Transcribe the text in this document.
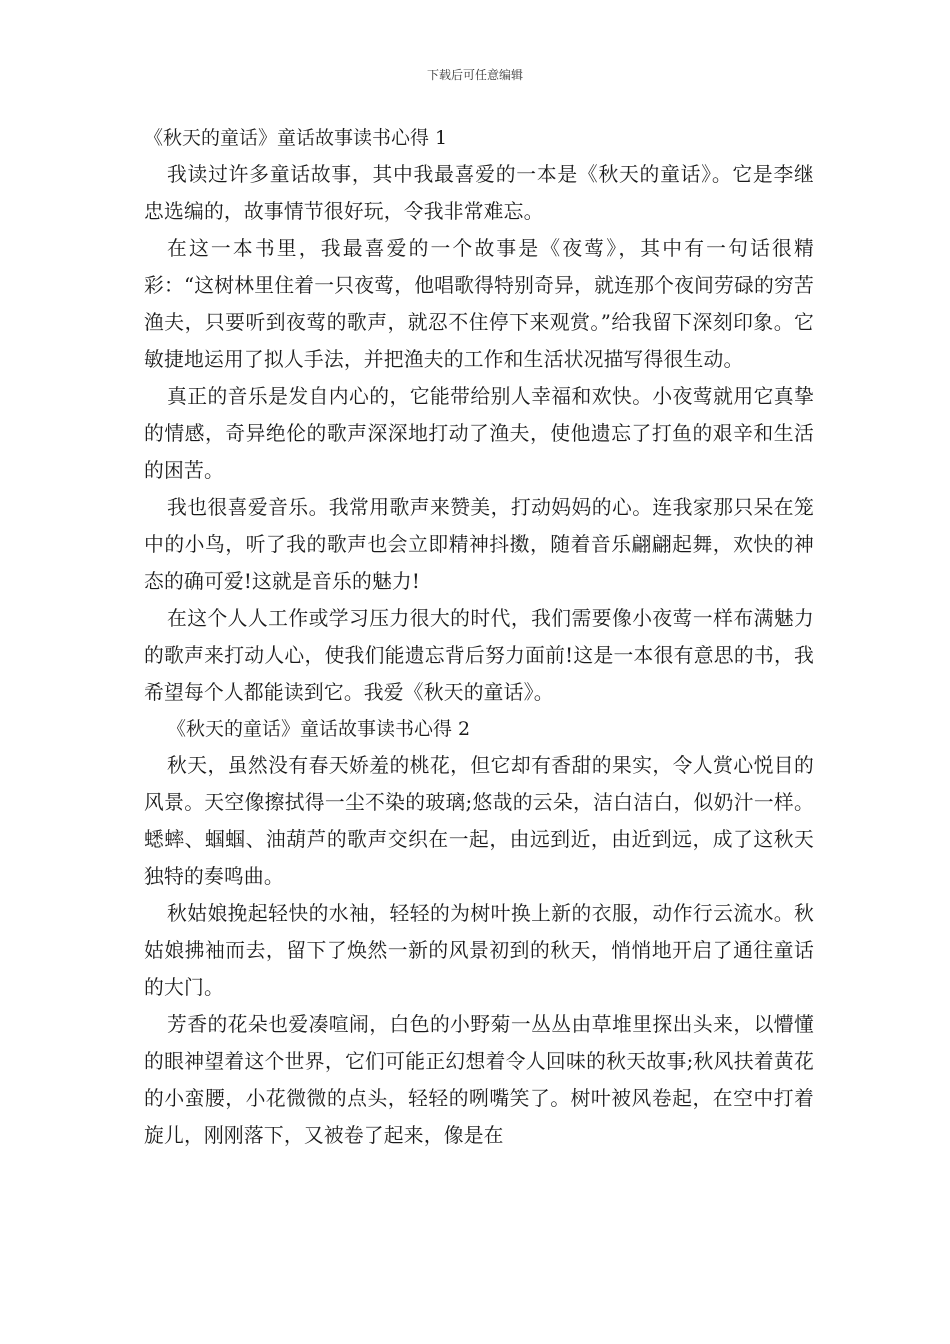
下载后可任意编辑
《秋天的童话》童话故事读书心得 1

我读过许多童话故事，其中我最喜爱的一本是《秋天的童话》。它是李继忠选编的，故事情节很好玩，令我非常难忘。

在这一本书里，我最喜爱的一个故事是《夜莺》，其中有一句话很精彩：“这树林里住着一只夜莺，他唱歌得特别奇异，就连那个夜间劳碌的穷苦渔夫，只要听到夜莺的歌声，就忍不住停下来观赏。”给我留下深刻印象。它敏捷地运用了拟人手法，并把渔夫的工作和生活状况描写得很生动。

真正的音乐是发自内心的，它能带给别人幸福和欢快。小夜莺就用它真挚的情感，奇异绝伦的歌声深深地打动了渔夫，使他遗忘了打鱼的艰辛和生活的困苦。

我也很喜爱音乐。我常用歌声来赞美，打动妈妈的心。连我家那只呆在笼中的小鸟，听了我的歌声也会立即精神抖擞，随着音乐翩翩起舞，欢快的神态的确可爱!这就是音乐的魅力!

在这个人人工作或学习压力很大的时代，我们需要像小夜莺一样布满魅力的歌声来打动人心，使我们能遗忘背后努力面前!这是一本很有意思的书，我希望每个人都能读到它。我爱《秋天的童话》。

《秋天的童话》童话故事读书心得 2

秋天，虽然没有春天娇羞的桃花，但它却有香甜的果实，令人赏心悦目的风景。天空像擦拭得一尘不染的玻璃;悠哉的云朵，洁白洁白，似奶汁一样。蟋蟀、蝈蝈、油葫芦的歌声交织在一起，由远到近，由近到远，成了这秋天独特的奏鸣曲。

秋姑娘挽起轻快的水袖，轻轻的为树叶换上新的衣服，动作行云流水。秋姑娘拂袖而去，留下了焕然一新的风景初到的秋天，悄悄地开启了通往童话的大门。

芳香的花朵也爱凑喧闹，白色的小野菊一丛丛由草堆里探出头来，以懵懂的眼神望着这个世界，它们可能正幻想着令人回味的秋天故事;秋风扶着黄花的小蛮腰，小花微微的点头，轻轻的咧嘴笑了。树叶被风卷起，在空中打着旋儿，刚刚落下，又被卷了起来，像是在
